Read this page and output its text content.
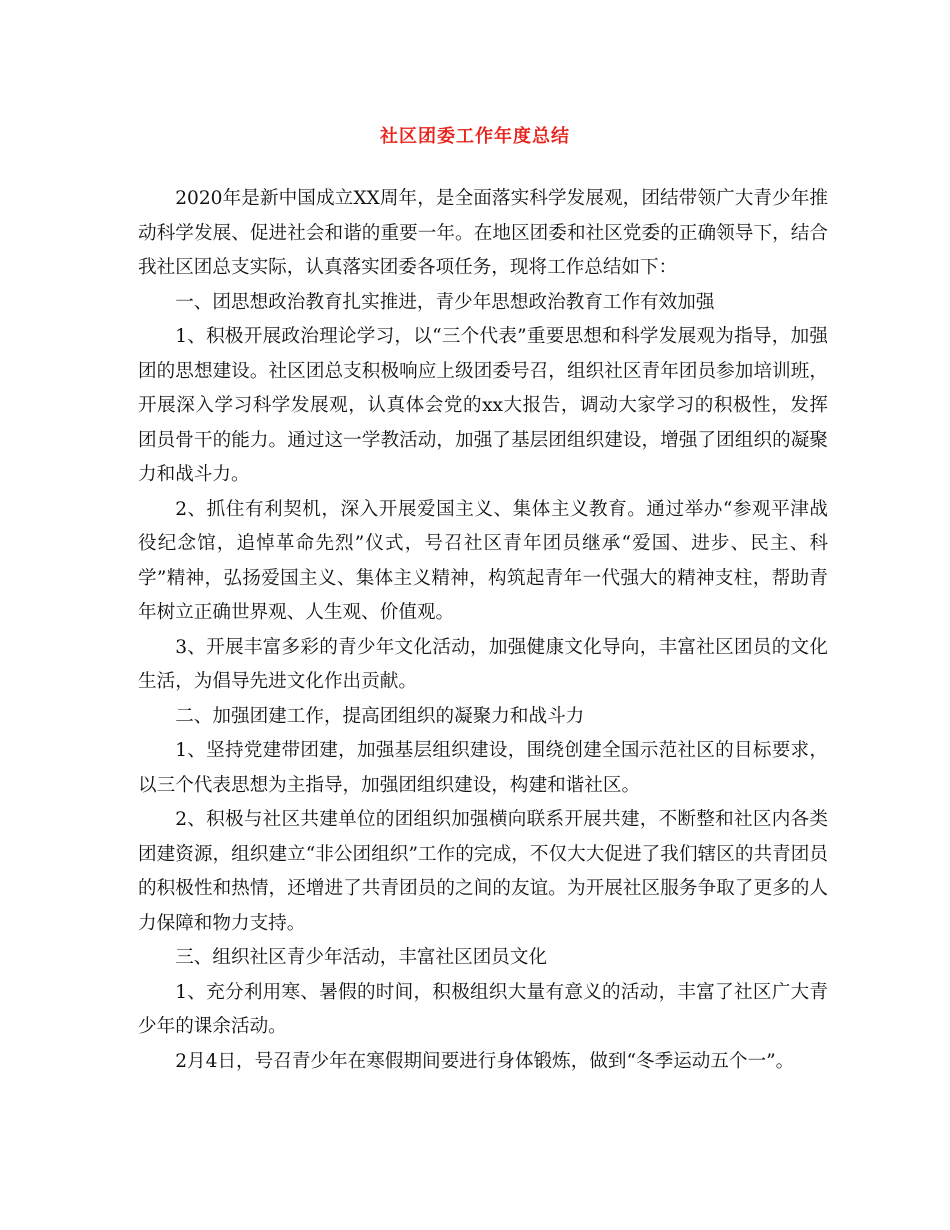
社区团委工作年度总结

2020年是新中国成立XX周年，是全面落实科学发展观，团结带领广大青少年推动科学发展、促进社会和谐的重要一年。在地区团委和社区党委的正确领导下，结合我社区团总支实际，认真落实团委各项任务，现将工作总结如下：

一、团思想政治教育扎实推进，青少年思想政治教育工作有效加强

1、积极开展政治理论学习，以“三个代表”重要思想和科学发展观为指导，加强团的思想建设。社区团总支积极响应上级团委号召，组织社区青年团员参加培训班，开展深入学习科学发展观，认真体会党的xx大报告，调动大家学习的积极性，发挥团员骨干的能力。通过这一学教活动，加强了基层团组织建设，增强了团组织的凝聚力和战斗力。

2、抓住有利契机，深入开展爱国主义、集体主义教育。通过举办“参观平津战役纪念馆，追悼革命先烈”仪式，号召社区青年团员继承“爱国、进步、民主、科学”精神，弘扬爱国主义、集体主义精神，构筑起青年一代强大的精神支柱，帮助青年树立正确世界观、人生观、价值观。

3、开展丰富多彩的青少年文化活动，加强健康文化导向，丰富社区团员的文化生活，为倡导先进文化作出贡献。

二、加强团建工作，提高团组织的凝聚力和战斗力

1、坚持党建带团建，加强基层组织建设，围绕创建全国示范社区的目标要求，以三个代表思想为主指导，加强团组织建设，构建和谐社区。

2、积极与社区共建单位的团组织加强横向联系开展共建，不断整和社区内各类团建资源，组织建立“非公团组织”工作的完成，不仅大大促进了我们辖区的共青团员的积极性和热情，还增进了共青团员的之间的友谊。为开展社区服务争取了更多的人力保障和物力支持。

三、组织社区青少年活动，丰富社区团员文化

1、充分利用寒、暑假的时间，积极组织大量有意义的活动，丰富了社区广大青少年的课余活动。

2月4日，号召青少年在寒假期间要进行身体锻炼，做到“冬季运动五个一”。
